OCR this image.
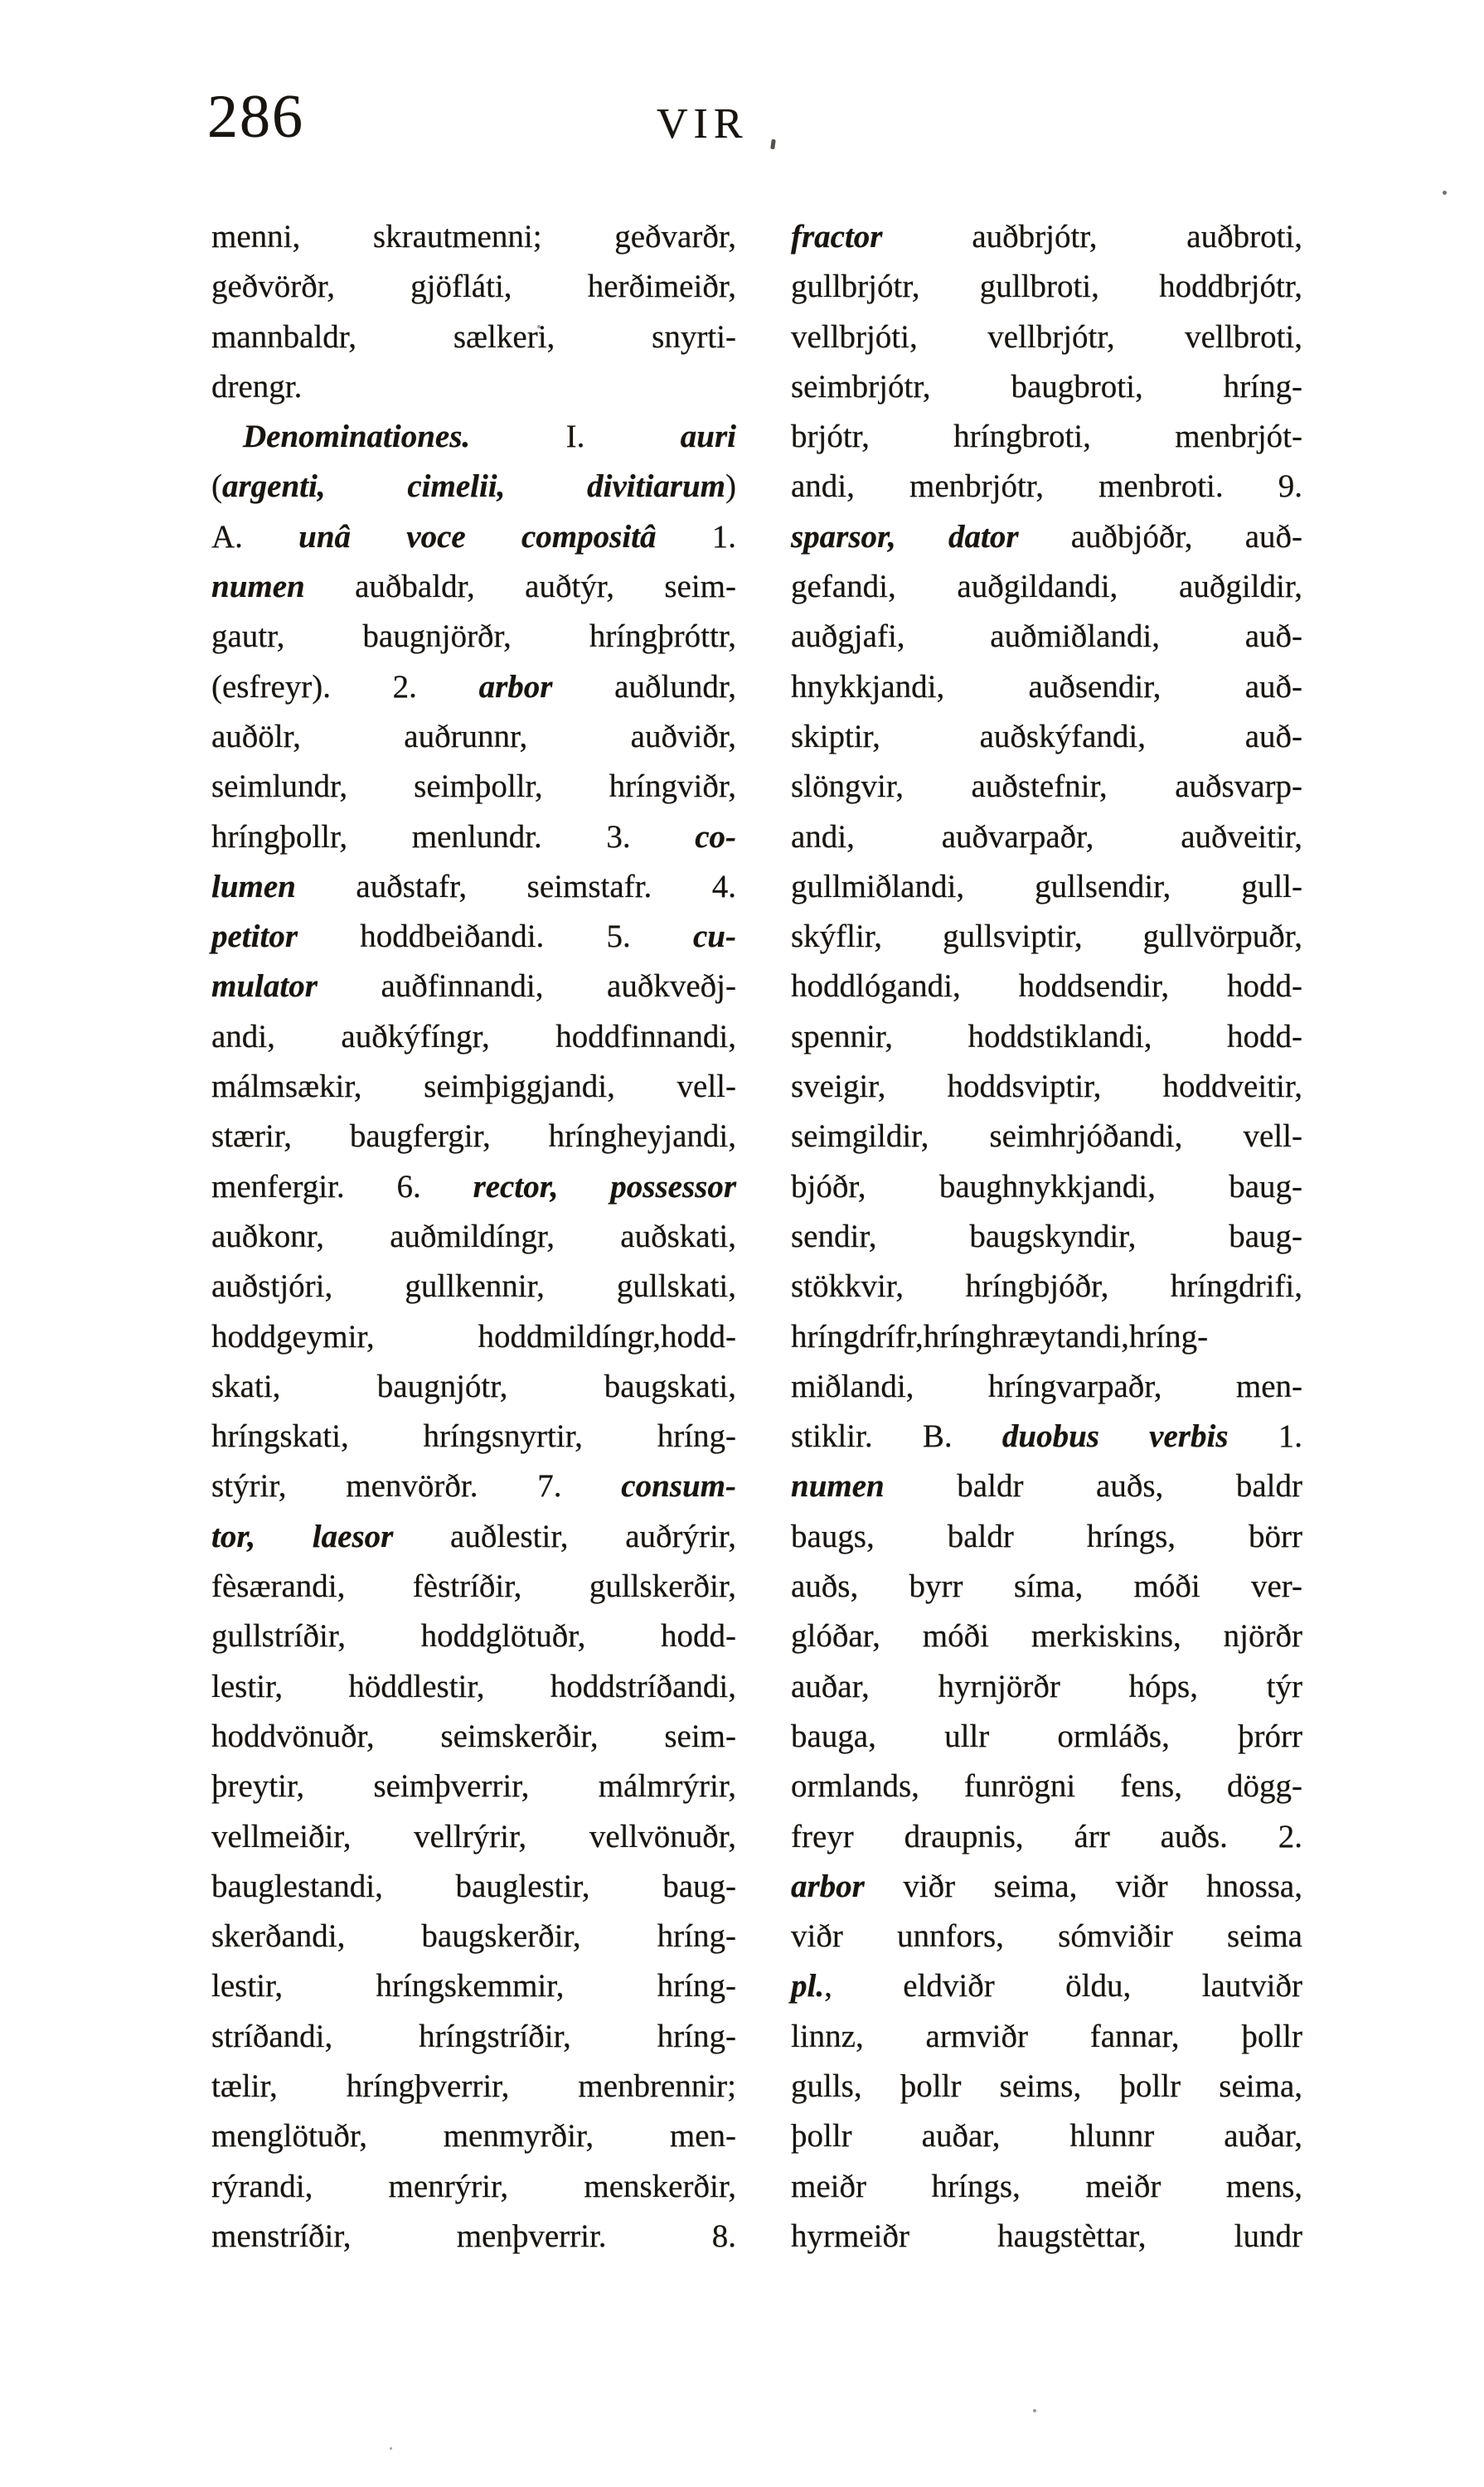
286	VIR
menni, skrautmenni; geðvarðr,
geðvörðr, gjöfláti, herðimeiðr,
mannbaldr, sælkeri, snyrti-
drengr.
Denominationes. I. auri
(argenti, cimelii, divitiarum)
A. unâ voce compositâ 1.
numen auðbaldr, auðtýr, seim-
gautr, baugnjörðr, hríngþróttr,
(esfreyr). 2. arbor auðlundr,
auðölr, auðrunnr, auðviðr,
seimlundr, seimþollr, hríngviðr,
hríngþollr, menlundr. 3. co-
lumen auðstafr, seimstafr. 4.
petitor hoddbeiðandi. 5. cu-
mulator auðfinnandi, auðkveðj-
andi, auðkýfíngr, hoddfinnandi,
málmsækir, seimþiggjandi, vell-
stærir, baugfergir, hríngheyjandi,
menfergir. 6. rector, possessor
auðkonr, auðmildíngr, auðskati,
auðstjóri, gullkennir, gullskati,
hoddgeymir, hoddmildíngr,hodd-
skati, baugnjótr, baugskati,
hríngskati, hríngsnyrtir, hríng-
stýrir, menvörðr. 7. consum-
tor, laesor auðlestir, auðrýrir,
fèsærandi, fèstríðir, gullskerðir,
gullstríðir, hoddglötuðr, hodd-
lestir, höddlestir, hoddstríðandi,
hoddvönuðr, seimskerðir, seim-
þreytir, seimþverrir, málmrýrir,
vellmeiðir, vellrýrir, vellvönuðr,
bauglestandi, bauglestir, baug-
skerðandi, baugskerðir, hríng-
lestir, hríngskemmir, hríng-
stríðandi, hríngstríðir, hríng-
tælir, hríngþverrir, menbrennir;
menglötuðr, menmyrðir, men-
rýrandi, menrýrir, menskerðir,
menstríðir, menþverrir. 8.
fractor auðbrjótr, auðbroti,
gullbrjótr, gullbroti, hoddbrjótr,
vellbrjóti, vellbrjótr, vellbroti,
seimbrjótr, baugbroti, hríng-
brjótr, hríngbroti, menbrjót-
andi, menbrjótr, menbroti. 9.
sparsor, dator auðbjóðr, auð-
gefandi, auðgildandi, auðgildir,
auðgjafi, auðmiðlandi, auð-
hnykkjandi, auðsendir, auð-
skiptir, auðskýfandi, auð-
slöngvir, auðstefnir, auðsvarp-
andi, auðvarpaðr, auðveitir,
gullmiðlandi, gullsendir, gull-
skýflir, gullsviptir, gullvörpuðr,
hoddlógandi, hoddsendir, hodd-
spennir, hoddstiklandi, hodd-
sveigir, hoddsviptir, hoddveitir,
seimgildir, seimhrjóðandi, vell-
bjóðr, baughnykkjandi, baug-
sendir, baugskyndir, baug-
stökkvir, hríngbjóðr, hríngdrifi,
hríngdrífr,hrínghræytandi,hríng-
miðlandi, hríngvarpaðr, men-
stiklir. B. duobus verbis 1.
numen baldr auðs, baldr
baugs, baldr hríngs, börr
auðs, byrr síma, móði ver-
glóðar, móði merkiskins, njörðr
auðar, hyrnjörðr hóps, týr
bauga, ullr ormláðs, þrórr
ormlands, funrögni fens, dögg-
freyr draupnis, árr auðs. 2.
arbor viðr seima, viðr hnossa,
viðr unnfors, sómviðir seima
pl., eldviðr öldu, lautviðr
linnz, armviðr fannar, þollr
gulls, þollr seims, þollr seima,
þollr auðar, hlunnr auðar,
meiðr hríngs, meiðr mens,
hyrmeiðr haugstèttar, lundr
